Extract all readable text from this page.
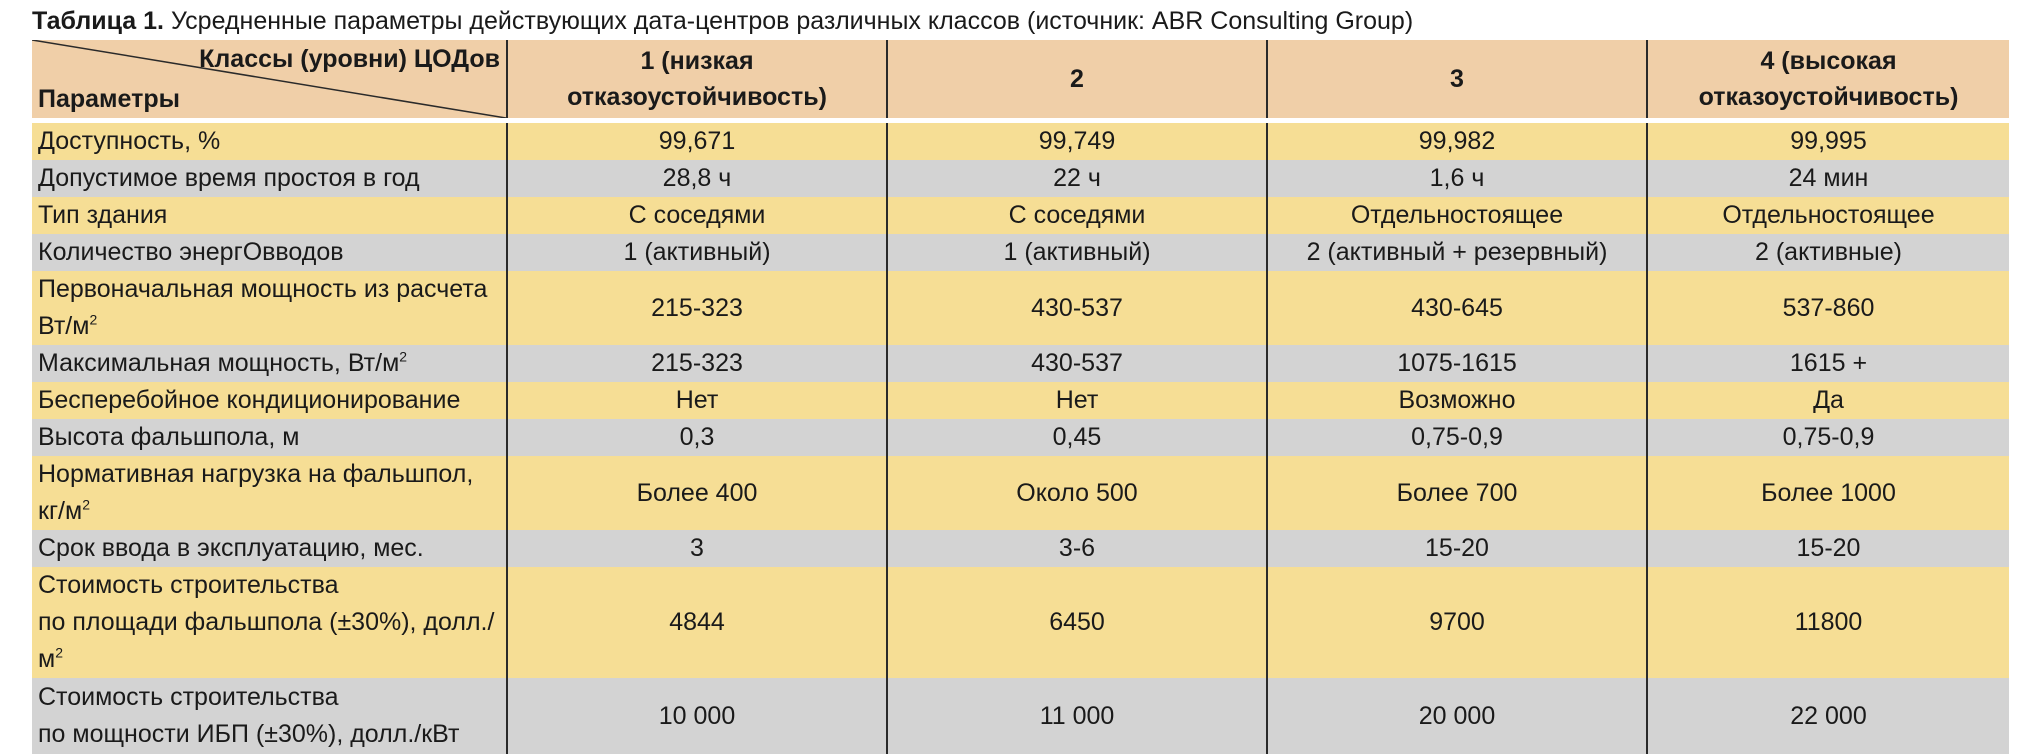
Таблица 1. Усредненные параметры действующих дата-центров различных классов (источник: ABR Consulting Group)
Классы (уровни) ЦОДов
Параметры	1 (низкая отказоустойчивость)	2	3	4 (высокая отказоустойчивость)
Доступность, %	99,671	99,749	99,982	99,995
Допустимое время простоя в год	28,8 ч	22 ч	1,6 ч	24 мин
Тип здания	С соседями	С соседями	Отдельностоящее	Отдельностоящее
Количество энергОвводов	1 (активный)	1 (активный)	2 (активный + резервный)	2 (активные)
Первоначальная мощность из расчета
$Вт/м^2$	215-323	430-537	430-645	537-860
Максимальная мощность, $Вт/м^2$	215-323	430-537	1075-1615	1615 +
Бесперебойное кондиционирование	Нет	Нет	Возможно	Да
Высота фальшпола, м	0,3	0,45	0,75-0,9	0,75-0,9
Нормативная нагрузка на фальшпол,
$кг/м^2$	Более 400	Около 500	Более 700	Более 1000
Срок ввода в эксплуатацию, мес.	3	3-6	15-20	15-20
Стоимость строительства
по площади фальшпола (±30%), $долл./м^2$	4844	6450	9700	11800
Стоимость строительства
по мощности ИБП (±30%), долл./кВт	10 000	11 000	20 000	22 000
